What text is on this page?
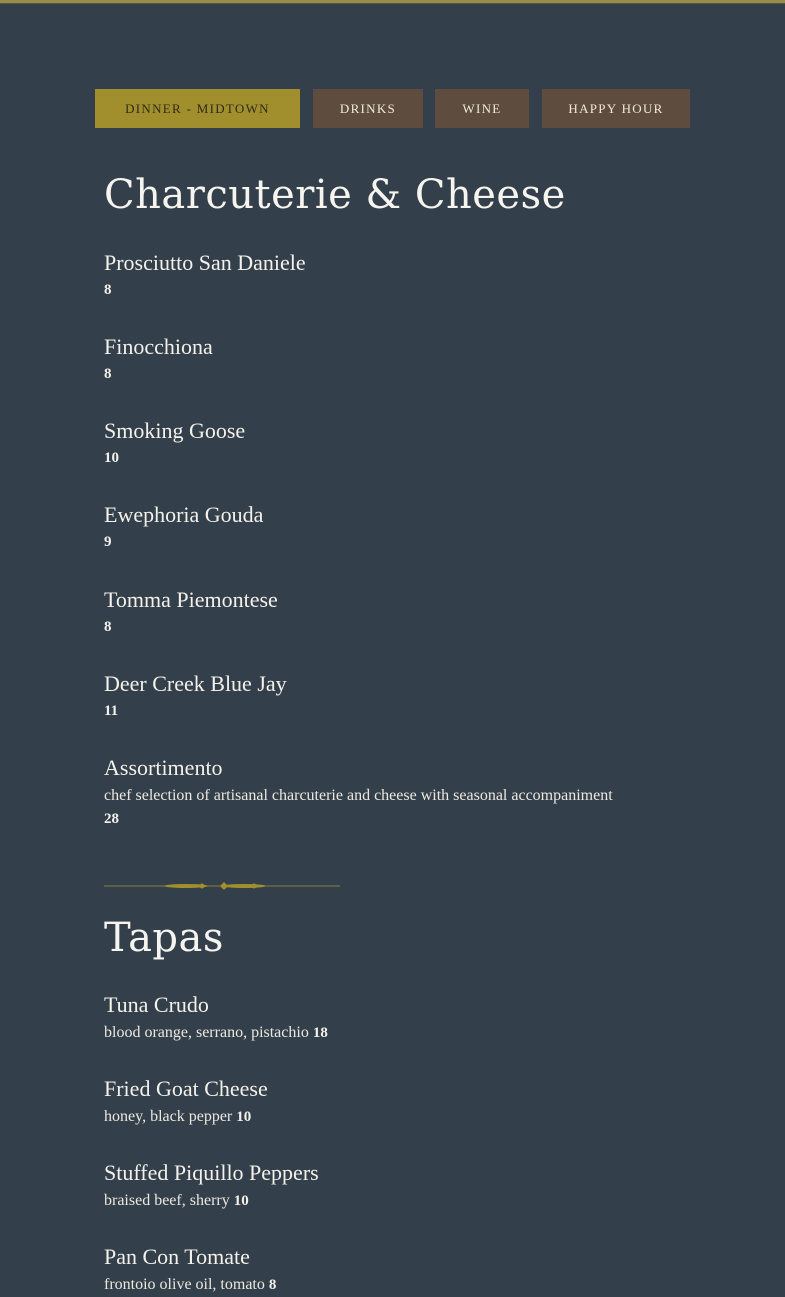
DINNER - MIDTOWN	DRINKS	WINE	HAPPY HOUR
Charcuterie & Cheese
Prosciutto San Daniele
8
Finocchiona
8
Smoking Goose
10
Ewephoria Gouda
9
Tomma Piemontese
8
Deer Creek Blue Jay
11
Assortimento
chef selection of artisanal charcuterie and cheese with seasonal accompaniment
28
Tapas
Tuna Crudo
blood orange, serrano, pistachio 18
Fried Goat Cheese
honey, black pepper 10
Stuffed Piquillo Peppers
braised beef, sherry 10
Pan Con Tomate
frontoio olive oil, tomato 8
